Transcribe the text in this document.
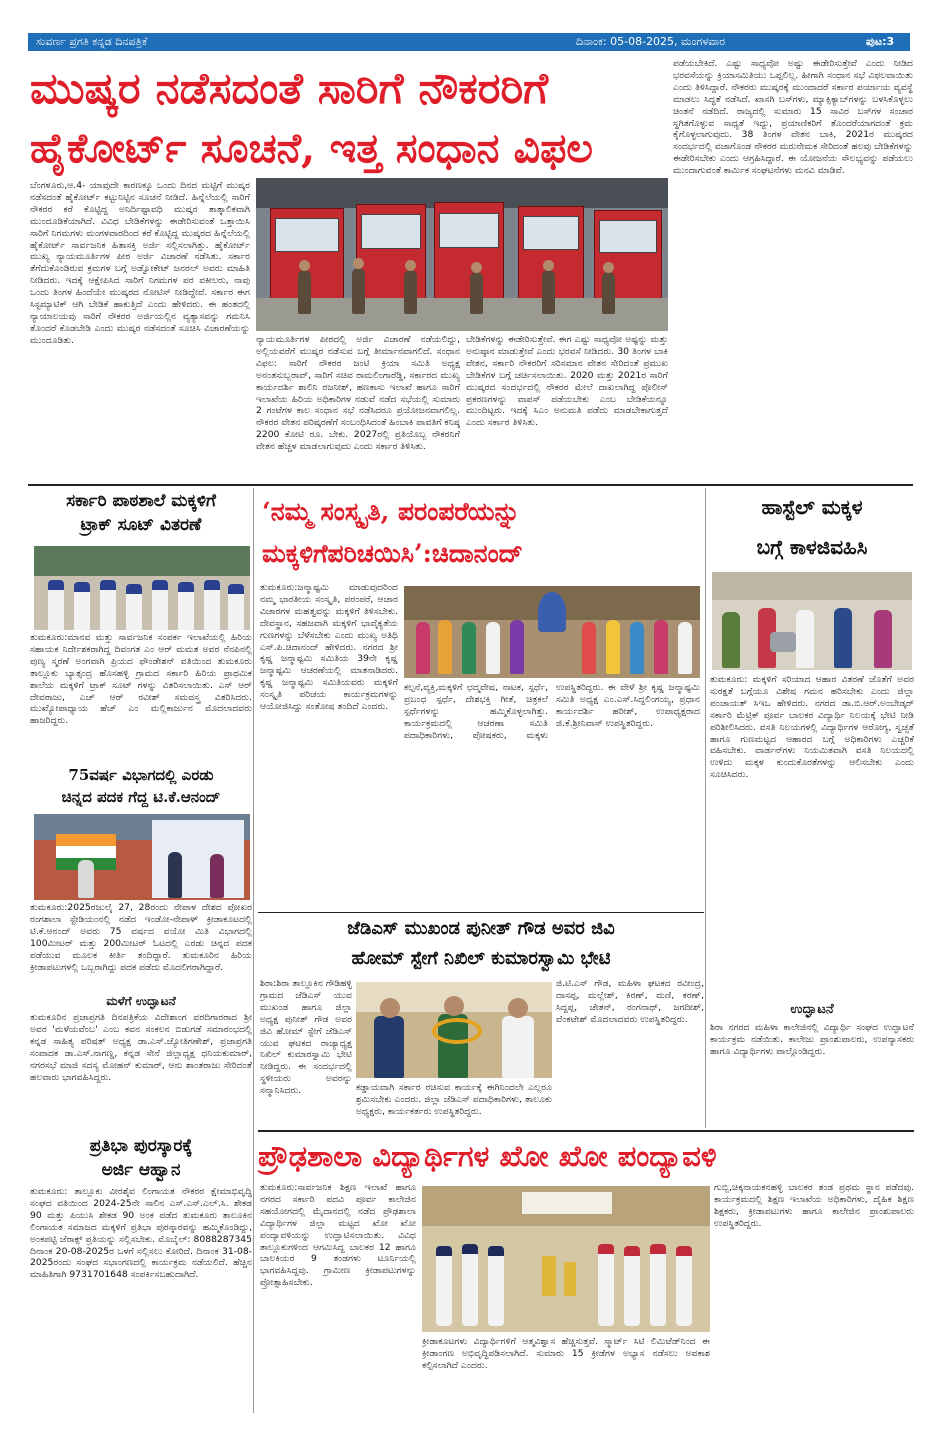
ಸುವರ್ಣ ಪ್ರಗತಿ ಕನ್ನಡ ದಿನಪತ್ರಿಕೆ	ದಿನಾಂಕ: 05-08-2025, ಮಂಗಳವಾರ	ಪುಟ:3
ಮುಷ್ಕರ ನಡೆಸದಂತೆ ಸಾರಿಗೆ ನೌಕರರಿಗೆ
ಹೈಕೋರ್ಟ್ ಸೂಚನೆ, ಇತ್ತ ಸಂಧಾನ ವಿಫಲ
ಬೆಂಗಳೂರು,ಆ.4- ಯಾವುದೇ ಕಾರಣಕ್ಕೂ ಒಂದು ದಿನದ ಮಟ್ಟಿಗೆ ಮುಷ್ಕರ ನಡೆಸದಂತೆ ಹೈಕೋರ್ಟ್ ಕಟ್ಟುನಿಟ್ಟಿನ ಸೂಚನೆ ನೀಡಿದೆ. ಹಿನ್ನೆಲೆಯಲ್ಲಿ ಸಾರಿಗೆ ನೌಕರರ ಕರೆ ಕೊಟ್ಟಿದ್ದ ಅನಿರ್ದಿಷ್ಟಾವಧಿ ಮುಷ್ಕರ ತಾತ್ಕಾಲಿಕವಾಗಿ ಮುಂದೂಡಿಕೆಯಾಗಿದೆ. ವಿವಿಧ ಬೇಡಿಕೆಗಳನ್ನು ಈಡೇರಿಸುವಂತೆ ಒತ್ತಾಯಿಸಿ ಸಾರಿಗೆ ನಿಗಮಗಳು ಮಂಗಳವಾರದಿಂದ ಕರೆ ಕೊಟ್ಟಿದ್ದ ಮುಷ್ಕರದ ಹಿನ್ನೆಲೆಯಲ್ಲಿ ಹೈಕೋರ್ಟ್ ಸಾರ್ವಜನಿಕ ಹಿತಾಸಕ್ತಿ ಅರ್ಜಿ ಸಲ್ಲಿಸಲಾಗಿತ್ತು. ಹೈಕೋರ್ಟ್ ಮುಖ್ಯ ನ್ಯಾಯಮೂರ್ತಿಗಳ ಪೀಠ ಅರ್ಜಿ ವಿಚಾರಣೆ ನಡೆಸಿತು. ಸರ್ಕಾರ ತೆಗೆದುಕೊಂಡಿರುವ ಕ್ರಮಗಳ ಬಗ್ಗೆ ಅಡ್ವೋಕೇಟ್ ಜನರಲ್ ಅವರು ಮಾಹಿತಿ ನೀಡಿದರು. ಇದಕ್ಕೆ ಆಕ್ಷೇಪಿಸಿದ ಸಾರಿಗೆ ನಿಗಮಗಳ ಪರ ವಕೀಲರು, ನಾವು ಒಂದು ತಿಂಗಳ ಹಿಂದೆಯೇ ಮುಷ್ಕರದ ನೋಟಿಸ್ ನೀಡಿದ್ದೇವೆ. ಸರ್ಕಾರ ಈಗ ಸಿಸ್ಟಮ್ಯಾಟಿಕ್ ಆಗಿ ಬೇಡಿಕೆ ಹಾಕುತ್ತಿದೆ ಎಂದು ಹೇಳಿದರು. ಈ ಹಂತದಲ್ಲಿ ನ್ಯಾಯಾಲಯವು ಸಾರಿಗೆ ನೌಕರರ ಅರ್ಜಿಯಲ್ಲಿನ ವ್ಯತ್ಯಾಸವನ್ನು ಗಮನಿಸಿ ತೊಂದರೆ ಕೊಡಬೇಡಿ ಎಂದು ಮುಷ್ಕರ ನಡೆಸದಂತೆ ಸೂಚಿಸಿ ವಿಚಾರಣೆಯನ್ನು ಮುಂದೂಡಿತು.	ನ್ಯಾಯಮೂರ್ತಿಗಳ ಪೀಠದಲ್ಲಿ ಅರ್ಜಿ ವಿಚಾರಣೆ ನಡೆಯಲಿದ್ದು, ಅಲ್ಲಿಯವರೆಗೆ ಮುಷ್ಕರ ನಡೆಸುವ ಬಗ್ಗೆ ತೀರ್ಮಾನವಾಗಲಿದೆ. ಸಂಧಾನ ವಿಫಲ: ಸಾರಿಗೆ ನೌಕರರ ಜಂಟಿ ಕ್ರಿಯಾ ಸಮಿತಿ ಅಧ್ಯಕ್ಷ ಅನಂತಸುಬ್ಬರಾವ್, ಸಾರಿಗೆ ಸಚಿವ ರಾಮಲಿಂಗಾರೆಡ್ಡಿ, ಸರ್ಕಾರದ ಮುಖ್ಯ ಕಾರ್ಯದರ್ಶಿ ಶಾಲಿನಿ ರಜನೀಶ್, ಹಣಕಾಸು ಇಲಾಖೆ ಹಾಗೂ ಸಾರಿಗೆ ಇಲಾಖೆಯ ಹಿರಿಯ ಅಧಿಕಾರಿಗಳ ನಡುವೆ ನಡೆದ ಸಭೆಯಲ್ಲಿ ಸುಮಾರು 2 ಗಂಟೆಗಳ ಕಾಲ ಸಂಧಾನ ಸಭೆ ನಡೆಸಿದರೂ ಪ್ರಯೋಜನವಾಗಲಿಲ್ಲ. ನೌಕರರ ವೇತನ ಪರಿಷ್ಕರಣೆಗೆ ಸಂಬಂಧಿಸಿದಂತೆ ಹಿಂಬಾಕಿ ಪಾವತಿಗೆ ಕನಿಷ್ಠ 2200 ಕೋಟಿ ರೂ. ಬೇಕು. 2027ರಲ್ಲಿ ಪ್ರತಿಯೊಬ್ಬ ನೌಕರನಿಗೆ ವೇತನ ಹೆಚ್ಚಳ ಮಾಡಲಾಗುವುದು ಎಂದು ಸರ್ಕಾರ ತಿಳಿಸಿತು.
ಬೇಡಿಕೆಗಳನ್ನು ಈಡೇರಿಸುತ್ತೇವೆ. ಈಗ ಎಷ್ಟು ಸಾಧ್ಯವೋ ಅಷ್ಟನ್ನು ಮತ್ತು ಅನುಷ್ಠಾನ ಮಾಡುತ್ತೇವೆ ಎಂದು ಭರವಸೆ ನೀಡಿದರು. 30 ತಿಂಗಳ ಬಾಕಿ ವೇತನ, ಸರ್ಕಾರಿ ನೌಕರರಿಗೆ ಸರಿಸಮಾನ ವೇತನ ಸೇರಿದಂತೆ ಪ್ರಮುಖ ಬೇಡಿಕೆಗಳ ಬಗ್ಗೆ ಚರ್ಚಿಸಲಾಯಿತು. 2020 ಮತ್ತು 2021ರ ಸಾರಿಗೆ ಮುಷ್ಕರದ ಸಂದರ್ಭದಲ್ಲಿ ನೌಕರರ ಮೇಲೆ ದಾಖಲಾಗಿದ್ದ ಪೊಲೀಸ್ ಪ್ರಕರಣಗಳನ್ನು ವಾಪಸ್ ಪಡೆಯಬೇಕು ಎಂಬ ಬೇಡಿಕೆಯನ್ನೂ ಮುಂದಿಟ್ಟರು. ಇದಕ್ಕೆ ಸಿಎಂ ಅನುಮತಿ ಪಡೆದು ಮಾಡಬೇಕಾಗುತ್ತದೆ ಎಂದು ಸರ್ಕಾರ ತಿಳಿಸಿತು.
ಪಡೆಯಬೇಕಿದೆ. ಎಷ್ಟು ಸಾಧ್ಯವೋ ಅಷ್ಟು ಈಡೇರಿಸುತ್ತೇವೆ ಎಂದು ನೀಡಿದ ಭರವಸೆಯನ್ನು ಕ್ರಿಯಾಸಮಿತಿಯು ಒಪ್ಪಲಿಲ್ಲ. ಹೀಗಾಗಿ ಸಂಧಾನ ಸಭೆ ವಿಫಲವಾಯಿತು ಎಂದು ತಿಳಿಸಿದ್ದಾರೆ. ನೌಕರರು ಮುಷ್ಕರಕ್ಕೆ ಮುಂದಾದರೆ ಸರ್ಕಾರ ಪರ್ಯಾಯ ವ್ಯವಸ್ಥೆ ಮಾಡಲು ಸಿದ್ಧತೆ ನಡೆಸಿದೆ. ಖಾಸಗಿ ಬಸ್‍ಗಳು, ಮ್ಯಾಕ್ಸಿಕ್ಯಾಬ್‍ಗಳನ್ನು ಬಳಸಿಕೊಳ್ಳಲು ಚಿಂತನೆ ನಡೆದಿದೆ. ರಾಜ್ಯದಲ್ಲಿ ಸುಮಾರು 15 ಸಾವಿರ ಬಸ್‍ಗಳ ಸಂಚಾರ ಸ್ಥಗಿತಗೊಳ್ಳುವ ಸಾಧ್ಯತೆ ಇದ್ದು, ಪ್ರಯಾಣಿಕರಿಗೆ ತೊಂದರೆಯಾಗದಂತೆ ಕ್ರಮ ಕೈಗೊಳ್ಳಲಾಗುವುದು. 38 ತಿಂಗಳ ವೇತನ ಬಾಕಿ, 2021ರ ಮುಷ್ಕರದ ಸಂದರ್ಭದಲ್ಲಿ ವಜಾಗೊಂಡ ನೌಕರರ ಮರುನೇಮಕ ಸೇರಿದಂತೆ ಹಲವು ಬೇಡಿಕೆಗಳನ್ನು ಈಡೇರಿಸಬೇಕು ಎಂದು ಆಗ್ರಹಿಸಿದ್ದಾರೆ. ಈ ಯೋಜನೆಯ ಸೌಲಭ್ಯವನ್ನು ಪಡೆಯಲು ಮುಂದಾಗುವಂತೆ ಕಾರ್ಮಿಕ ಸಂಘಟನೆಗಳು ಮನವಿ ಮಾಡಿವೆ.
ಸರ್ಕಾರಿ ಪಾಠಶಾಲೆ ಮಕ್ಕಳಿಗೆ
ಟ್ರಾಕ್ ಸೂಟ್ ವಿತರಣೆ
ತುಮಕೂರು:ಮಾನವ ಮತ್ತು ಸಾರ್ವಜನಿಕ ಸಂಪರ್ಕ ಇಲಾಖೆಯಲ್ಲಿ ಹಿರಿಯ ಸಹಾಯಕ ನಿರ್ದೇಶಕರಾಗಿದ್ದ ದಿವಂಗತ ಎಂ ಆರ್ ಮಮತ ಅವರ ನೆನಪಿನಲ್ಲಿ ಪುಣ್ಯ ಸ್ಮರಣೆ ಅಂಗವಾಗಿ ಪ್ರಿಯದ ಫೌಂಡೇಶನ್ ವತಿಯಿಂದ ತುಮಕೂರು ತಾಲ್ಲೂಕು ಬ್ಯಾತ್ಸಂದ್ರ ಹೊಸಹಳ್ಳಿ ಗ್ರಾಮದ ಸರ್ಕಾರಿ ಹಿರಿಯ ಪ್ರಾಥಮಿಕ ಶಾಲೆಯ ಮಕ್ಕಳಿಗೆ ಟ್ರಾಕ್ ಸೂಟ್ ಗಳನ್ನು ವಿತರಿಸಲಾಯಿತು. ಎಸ್ ಆರ್ ದೇವರಾಜು, ಎಚ್ ಆರ್ ರವೀಶ್ ಸಮವಸ್ತ್ರ ವಿತರಿಸಿದರು. ಮುಖ್ಯೋಪಾಧ್ಯಾಯ ಹೆಚ್ ಎಂ ಮಲ್ಲಿಕಾರ್ಜುನ ಮೊದಲಾದವರು ಹಾಜರಿದ್ದರು.
75ವರ್ಷ ವಿಭಾಗದಲ್ಲಿ ಎರಡು
ಚಿನ್ನದ ಪದಕ ಗೆದ್ದ ಟಿ.ಕೆ.ಆನಂದ್
ತುಮಕೂರು:2025ರಜುಲೈ 27, 28ರಂದು ನೇಪಾಳ ದೇಶದ ಪೋಖರ ರಂಗಶಾಲಾ ಸ್ಟೇಡಿಯಂನಲ್ಲಿ ನಡೆದ ಇಂಡೋ-ನೇಪಾಳ್ ಕ್ರೀಡಾಕೂಟದಲ್ಲಿ ಟಿ.ಕೆ.ಆನಂದ್ ಅವರು 75 ವರ್ಷದ ವಯೋ ಮಿತಿ ವಿಭಾಗದಲ್ಲಿ 100ಮೀಟರ್ ಮತ್ತು 200ಮೀಟರ್ ಓಟದಲ್ಲಿ ಎರಡು ಚಿನ್ನದ ಪದಕ ಪಡೆಯುವ ಮೂಲಕ ಕೀರ್ತಿ ತಂದಿದ್ದಾರೆ. ತುಮಕೂರಿನ ಹಿರಿಯ ಕ್ರೀಡಾಪಟುಗಳಲ್ಲಿ ಒಬ್ಬರಾಗಿದ್ದು ಪದಕ ಪಡೆದು ಮೊದಲಿಗರಾಗಿದ್ದಾರೆ.
ಮಳೆಗೆ ಉದ್ಘಾಟನೆ
ತುಮಕೂರಿನ ಪ್ರಜಾಪ್ರಗತಿ ದಿನಪತ್ರಿಕೆಯ ವಿದೇಶಾಂಗ ವರದಿಗಾರರಾದ ಶ್ರೀ ಅವರ 'ಮಳೆಯವೆಂಬ' ಎಂಬ ಕವನ ಸಂಕಲನ ಬಿಡುಗಡೆ ಸಮಾರಂಭದಲ್ಲಿ ಕನ್ನಡ ಸಾಹಿತ್ಯ ಪರಿಷತ್ ಅಧ್ಯಕ್ಷ ಡಾ.ಎಸ್.ಜ್ಯೋತಿಗಣೇಶ್, ಪ್ರಜಾಪ್ರಗತಿ ಸಂಪಾದಕ ಡಾ.ಎಸ್.ನಾಗಣ್ಣ, ಕನ್ನಡ ಸೇನೆ ಜಿಲ್ಲಾಧ್ಯಕ್ಷ ಧನಿಯಕುಮಾರ್, ನಗರಸಭೆ ಮಾಜಿ ಸದಸ್ಯ ಮೋಹನ್ ಕುಮಾರ್, ಆನು ಶಾಂತರಾಜು ಸೇರಿದಂತೆ ಹಲವಾರು ಭಾಗವಹಿಸಿದ್ದರು.
ಪ್ರತಿಭಾ ಪುರಸ್ಕಾರಕ್ಕೆ
ಅರ್ಜಿ ಆಹ್ವಾನ
ತುಮಕೂರು: ತಾಲ್ಲೂಕು ವೀರಶೈವ ಲಿಂಗಾಯತ ನೌಕರರ ಕ್ಷೇಮಾಭಿವೃದ್ಧಿ ಸಂಘದ ವತಿಯಿಂದ 2024-25ನೇ ಸಾಲಿನ ಎಸ್.ಎಸ್.ಎಲ್.ಸಿ. ಶೇಕಡ 90 ಮತ್ತು ಪಿಯುಸಿ ಶೇಕಡ 90 ಅಂಕ ಪಡೆದ ತುಮಕೂರು ತಾಲೂಕಿನ ಲಿಂಗಾಯತ ಸಮಾಜದ ಮಕ್ಕಳಿಗೆ ಪ್ರತಿಭಾ ಪುರಸ್ಕಾರವನ್ನು ಹಮ್ಮಿಕೊಂಡಿದ್ದು, ಅಂಕಪಟ್ಟಿ ಜೆರಾಕ್ಸ್ ಪ್ರತಿಯನ್ನು ಸಲ್ಲಿಸಬೇಕು. ಮೊಬೈಲ್: 8088287345 ದಿನಾಂಕ 20-08-2025ರ ಒಳಗೆ ಸಲ್ಲಿಸಲು ಕೋರಿದೆ. ದಿನಾಂಕ 31-08-2025ರಂದು ಸಂಘದ ಸಭಾಂಗಣದಲ್ಲಿ ಕಾರ್ಯಕ್ರಮ ನಡೆಯಲಿದೆ. ಹೆಚ್ಚಿನ ಮಾಹಿತಿಗಾಗಿ 9731701648 ಸಂಪರ್ಕಿಸಬಹುದಾಗಿದೆ.
‘ನಮ್ಮ ಸಂಸ್ಕೃತಿ, ಪರಂಪರೆಯನ್ನು
ಮಕ್ಕಳಿಗೆಪರಿಚಯಿಸಿ’:ಚಿದಾನಂದ್
ತುಮಕೂರು:ಜನ್ಮಾಷ್ಟಮಿ ಮಾಡುವುದರಿಂದ ನಮ್ಮ ಭಾರತೀಯ ಸಂಸ್ಕೃತಿ, ಪರಂಪರೆ, ಆಚಾರ ವಿಚಾರಗಳ ಮಹತ್ವವನ್ನು ಮಕ್ಕಳಿಗೆ ತಿಳಿಸಬೇಕು. ದೇವಸ್ಥಾನ, ಸಹಜವಾಗಿ ಮಕ್ಕಳಿಗೆ ಭಾವೈಕ್ಯತೆಯ ಗುಣಗಳನ್ನು ಬೆಳೆಸಬೇಕು ಎಂದು ಮುಖ್ಯ ಅತಿಥಿ ಎಸ್.ಪಿ.ಚಿದಾನಂದ್ ಹೇಳಿದರು. ನಗರದ ಶ್ರೀ ಕೃಷ್ಣ ಜನ್ಮಾಷ್ಟಮಿ ಸಮಿತಿಯ 39ನೇ ಕೃಷ್ಣ ಜನ್ಮಾಷ್ಟಮಿ ಆಚರಣೆಯಲ್ಲಿ ಮಾತನಾಡಿದರು. ಕೃಷ್ಣ ಜನ್ಮಾಷ್ಟಮಿ ಸಮಿತಿಯವರು ಮಕ್ಕಳಿಗೆ ಸಂಸ್ಕೃತಿ ಪರಿಚಯ ಕಾರ್ಯಕ್ರಮಗಳನ್ನು ಆಯೋಜಿಸಿದ್ದು ಸಂತೋಷ ತಂದಿದೆ ಎಂದರು.
ಕಲ್ಪನೆ,ವ್ಯಕ್ತಿ,ಮಕ್ಕಳಿಗೆ ಛದ್ಮವೇಷ, ನಾಟಕ, ಸ್ಪರ್ಧೆ, ಪ್ರಬಂಧ ಸ್ಪರ್ಧೆ, ದೇಶಭಕ್ತಿ ಗೀತೆ, ಚಿತ್ರಕಲೆ ಸ್ಪರ್ಧೆಗಳನ್ನು ಹಮ್ಮಿಕೊಳ್ಳಲಾಗಿತ್ತು. ಕಾರ್ಯಕ್ರಮದಲ್ಲಿ ಆಚರಣಾ ಸಮಿತಿ ಪದಾಧಿಕಾರಿಗಳು, ಪೋಷಕರು, ಮಕ್ಕಳು ಉಪಸ್ಥಿತರಿದ್ದರು. ಈ ವೇಳೆ ಶ್ರೀ ಕೃಷ್ಣ ಜನ್ಮಾಷ್ಟಮಿ ಸಮಿತಿ ಅಧ್ಯಕ್ಷ ಎಂ.ಎಸ್.ಸಿದ್ದಲಿಂಗಯ್ಯ, ಪ್ರಧಾನ ಕಾರ್ಯದರ್ಶಿ ಹರೀಶ್, ಉಪಾಧ್ಯಕ್ಷರಾದ ಜಿ.ಕೆ.ಶ್ರೀನಿವಾಸ್ ಉಪಸ್ಥಿತರಿದ್ದರು.
ಜೆಡಿಎಸ್ ಮುಖಂಡ ಪುನೀತ್ ಗೌಡ ಅವರ ಜಿವಿ
ಹೋಮ್ ಸ್ಟೇಗೆ ನಿಖಿಲ್ ಕುಮಾರಸ್ವಾಮಿ ಭೇಟಿ
ಶಿರಾ:ಶಿರಾ ತಾಲ್ಲೂಕಿನ ಗೌಡಿಹಳ್ಳಿ ಗ್ರಾಮದ ಜೆಡಿಎಸ್ ಯುವ ಮುಖಂಡ ಹಾಗೂ ಜಿಲ್ಲಾ ಅಧ್ಯಕ್ಷ ಪುನೀತ್ ಗೌಡ ಅವರ ಜಿವಿ ಹೋಮ್ ಸ್ಟೇಗೆ ಜೆಡಿಎಸ್ ಯುವ ಘಟಕದ ರಾಜ್ಯಾಧ್ಯಕ್ಷ ನಿಖಿಲ್ ಕುಮಾರಸ್ವಾಮಿ ಭೇಟಿ ನೀಡಿದ್ದರು. ಈ ಸಂದರ್ಭದಲ್ಲಿ ಸ್ಥಳೀಯರು ಅವರನ್ನು ಸನ್ಮಾನಿಸಿದರು.	ಕಡ್ಡಾಯವಾಗಿ ಸರ್ಕಾರ ರಚಿಸುವ ಕಾರ್ಯಕ್ಕೆ ಈಗಿನಿಂದಲೇ ಎಲ್ಲರೂ ಶ್ರಮಿಸಬೇಕು ಎಂದರು. ಜಿಲ್ಲಾ ಜೆಡಿಎಸ್ ಪದಾಧಿಕಾರಿಗಳು, ತಾಲೂಕು ಅಧ್ಯಕ್ಷರು, ಕಾರ್ಯಕರ್ತರು ಉಪಸ್ಥಿತರಿದ್ದರು.
ಜಿ.ಟಿ.ಎಸ್ ಗೌಡ, ಮಹಿಳಾ ಘಟಕದ ರವೀಂದ್ರ, ದಾಸಪ್ಪ, ಮಲ್ಲೇಶ್, ಕಿರಣ್, ಮಣಿ, ಕರಣ್, ಸಿದ್ದಪ್ಪ, ಚೇತನ್, ರಂಗನಾಥ್, ಜಗದೀಶ್, ವೆಂಕಟೇಶ್ ಮೊದಲಾದವರು ಉಪಸ್ಥಿತರಿದ್ದರು.
ಹಾಸ್ಟೆಲ್ ಮಕ್ಕಳ
ಬಗ್ಗೆ ಕಾಳಜಿವಹಿಸಿ
ತುಮಕೂರು: ಮಕ್ಕಳಿಗೆ ಸರಿಯಾದ ಆಹಾರ ವಿತರಣೆ ಜೊತೆಗೆ ಅವರ ಸುರಕ್ಷತೆ ಬಗ್ಗೆಯೂ ವಿಶೇಷ ಗಮನ ಹರಿಸಬೇಕು ಎಂದು ಜಿಲ್ಲಾ ಪಂಚಾಯತ್ ಸಿಇಒ ಹೇಳಿದರು. ನಗರದ ಡಾ.ಬಿ.ಆರ್.ಅಂಬೇಡ್ಕರ್ ಸರ್ಕಾರಿ ಮೆಟ್ರಿಕ್ ಪೂರ್ವ ಬಾಲಕರ ವಿದ್ಯಾರ್ಥಿ ನಿಲಯಕ್ಕೆ ಭೇಟಿ ನೀಡಿ ಪರಿಶೀಲಿಸಿದರು. ವಸತಿ ನಿಲಯಗಳಲ್ಲಿ ವಿದ್ಯಾರ್ಥಿಗಳ ಆರೋಗ್ಯ, ಸ್ವಚ್ಛತೆ ಹಾಗೂ ಗುಣಮಟ್ಟದ ಆಹಾರದ ಬಗ್ಗೆ ಅಧಿಕಾರಿಗಳು ಎಚ್ಚರಿಕೆ ವಹಿಸಬೇಕು. ವಾರ್ಡನ್‍ಗಳು ನಿಯಮಿತವಾಗಿ ವಸತಿ ನಿಲಯದಲ್ಲಿ ಉಳಿದು ಮಕ್ಕಳ ಕುಂದುಕೊರತೆಗಳನ್ನು ಆಲಿಸಬೇಕು ಎಂದು ಸೂಚಿಸಿದರು.
ಉದ್ಘಾಟನೆ
ಶಿರಾ ನಗರದ ಮಹಿಳಾ ಕಾಲೇಜಿನಲ್ಲಿ ವಿದ್ಯಾರ್ಥಿ ಸಂಘದ ಉದ್ಘಾಟನೆ ಕಾರ್ಯಕ್ರಮ ನಡೆಯಿತು. ಕಾಲೇಜು ಪ್ರಾಂಶುಪಾಲರು, ಉಪನ್ಯಾಸಕರು ಹಾಗೂ ವಿದ್ಯಾರ್ಥಿಗಳು ಪಾಲ್ಗೊಂಡಿದ್ದರು.
ಪ್ರೌಢಶಾಲಾ ವಿದ್ಯಾರ್ಥಿಗಳ ಖೋ ಖೋ ಪಂದ್ಯಾವಳಿ
ತುಮಕೂರು:ಸಾರ್ವಜನಿಕ ಶಿಕ್ಷಣ ಇಲಾಖೆ ಹಾಗೂ ನಗರದ ಸರ್ಕಾರಿ ಪದವಿ ಪೂರ್ವ ಕಾಲೇಜಿನ ಸಹಯೋಗದಲ್ಲಿ ಮೈದಾನದಲ್ಲಿ ನಡೆದ ಪ್ರೌಢಶಾಲಾ ವಿದ್ಯಾರ್ಥಿಗಳ ಜಿಲ್ಲಾ ಮಟ್ಟದ ಖೋ ಖೋ ಪಂದ್ಯಾವಳಿಯನ್ನು ಉದ್ಘಾಟಿಸಲಾಯಿತು. ವಿವಿಧ ತಾಲ್ಲೂಕುಗಳಿಂದ ಆಗಮಿಸಿದ್ದ ಬಾಲಕರ 12 ಹಾಗೂ ಬಾಲಕಿಯರ 9 ತಂಡಗಳು ಟೂರ್ನಿಯಲ್ಲಿ ಭಾಗವಹಿಸಿದ್ದವು. ಗ್ರಾಮೀಣ ಕ್ರೀಡಾಪಟುಗಳನ್ನು ಪ್ರೋತ್ಸಾಹಿಸಬೇಕು.
ಕ್ರೀಡಾಕೂಟಗಳು ವಿದ್ಯಾರ್ಥಿಗಳಿಗೆ ಆತ್ಮವಿಶ್ವಾಸ ಹೆಚ್ಚಿಸುತ್ತವೆ. ಸ್ಮಾರ್ಟ್ ಸಿಟಿ ಲಿಮಿಟೆಡ್‍ನಿಂದ ಈ ಕ್ರೀಡಾಂಗಣ ಅಭಿವೃದ್ಧಿಪಡಿಸಲಾಗಿದೆ. ಸುಮಾರು 15 ಕ್ರೀಡೆಗಳ ಅಭ್ಯಾಸ ನಡೆಸಲು ಅವಕಾಶ ಕಲ್ಪಿಸಲಾಗಿದೆ ಎಂದರು.
ಗುಬ್ಬಿ,ಚಿಕ್ಕನಾಯಕನಹಳ್ಳಿ ಬಾಲಕರ ತಂಡ ಪ್ರಥಮ ಸ್ಥಾನ ಪಡೆದವು. ಕಾರ್ಯಕ್ರಮದಲ್ಲಿ ಶಿಕ್ಷಣ ಇಲಾಖೆಯ ಅಧಿಕಾರಿಗಳು, ದೈಹಿಕ ಶಿಕ್ಷಣ ಶಿಕ್ಷಕರು, ಕ್ರೀಡಾಪಟುಗಳು ಹಾಗೂ ಕಾಲೇಜಿನ ಪ್ರಾಂಶುಪಾಲರು ಉಪಸ್ಥಿತರಿದ್ದರು.
